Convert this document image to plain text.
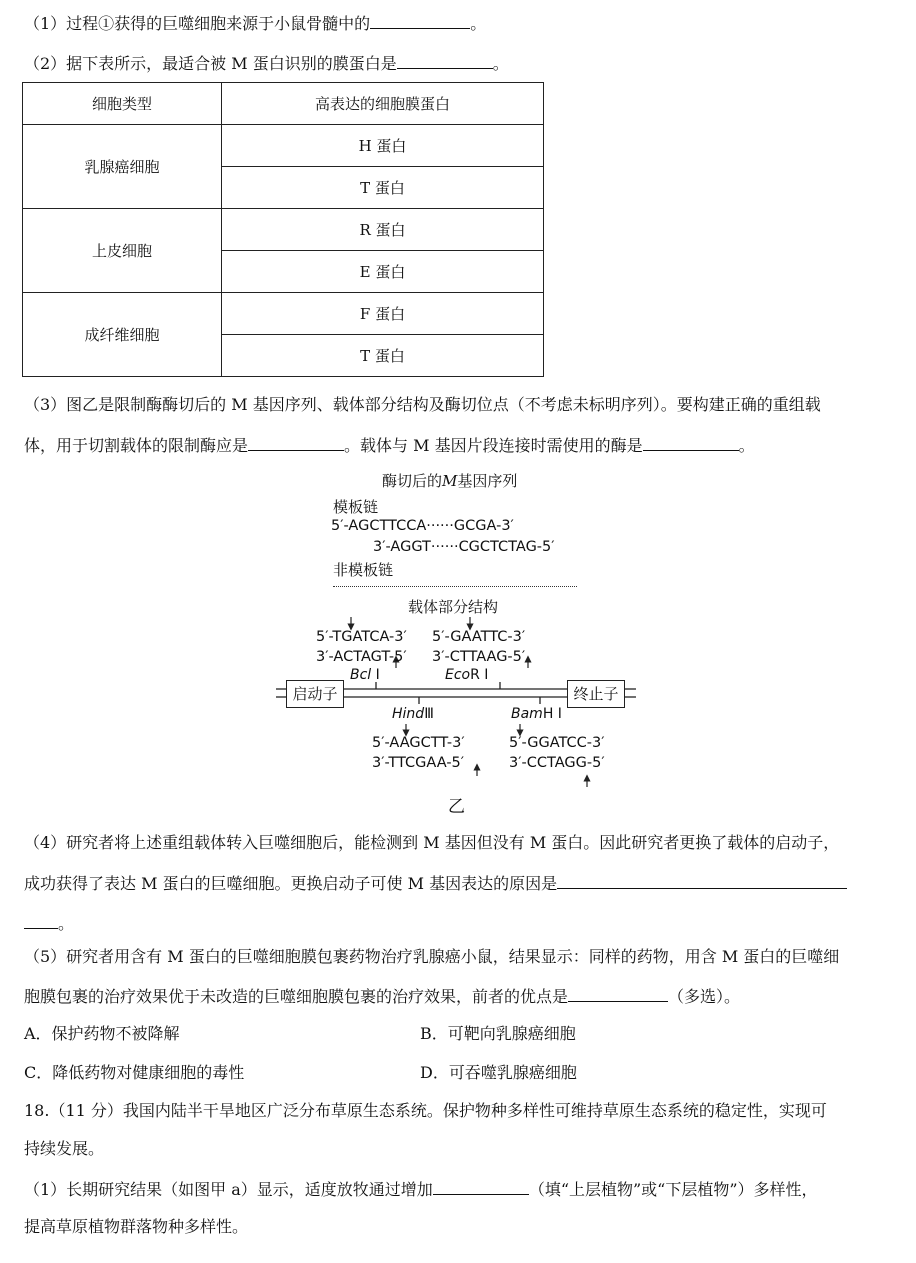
（1）过程①获得的巨噬细胞来源于小鼠骨髓中的	。
（2）据下表所示，最适合被 M 蛋白识别的膜蛋白是	。
细胞类型	高表达的细胞膜蛋白
乳腺癌细胞	H 蛋白
	T 蛋白
上皮细胞	R 蛋白
	E 蛋白
成纤维细胞	F 蛋白
	T 蛋白
（3）图乙是限制酶酶切后的 M 基因序列、载体部分结构及酶切位点（不考虑未标明序列）。要构建正确的重组载
体，用于切割载体的限制酶应是	。载体与 M 基因片段连接时需使用的酶是	。
酶切后的M基因序列
模板链
5′-AGCTTCCA······GCGA-3′
3′-AGGT······CGCTCTAG-5′
非模板链
载体部分结构
5′-TGATCA-3′
3′-ACTAGT-5′
5′-GAATTC-3′
3′-CTTAAG-5′
Bcl Ⅰ	EcoR Ⅰ
启动子	终止子
HindⅢ	BamH Ⅰ
5′-AAGCTT-3′
3′-TTCGAA-5′
5′-GGATCC-3′
3′-CCTAGG-5′
乙
（4）研究者将上述重组载体转入巨噬细胞后，能检测到 M 基因但没有 M 蛋白。因此研究者更换了载体的启动子，
成功获得了表达 M 蛋白的巨噬细胞。更换启动子可使 M 基因表达的原因是
。
（5）研究者用含有 M 蛋白的巨噬细胞膜包裹药物治疗乳腺癌小鼠，结果显示：同样的药物，用含 M 蛋白的巨噬细
胞膜包裹的治疗效果优于未改造的巨噬细胞膜包裹的治疗效果，前者的优点是	（多选）。
A．保护药物不被降解	B．可靶向乳腺癌细胞
C．降低药物对健康细胞的毒性	D．可吞噬乳腺癌细胞
18.（11 分）我国内陆半干旱地区广泛分布草原生态系统。保护物种多样性可维持草原生态系统的稳定性，实现可
持续发展。
（1）长期研究结果（如图甲 a）显示，适度放牧通过增加	（填“上层植物”或“下层植物”）多样性，
提高草原植物群落物种多样性。
